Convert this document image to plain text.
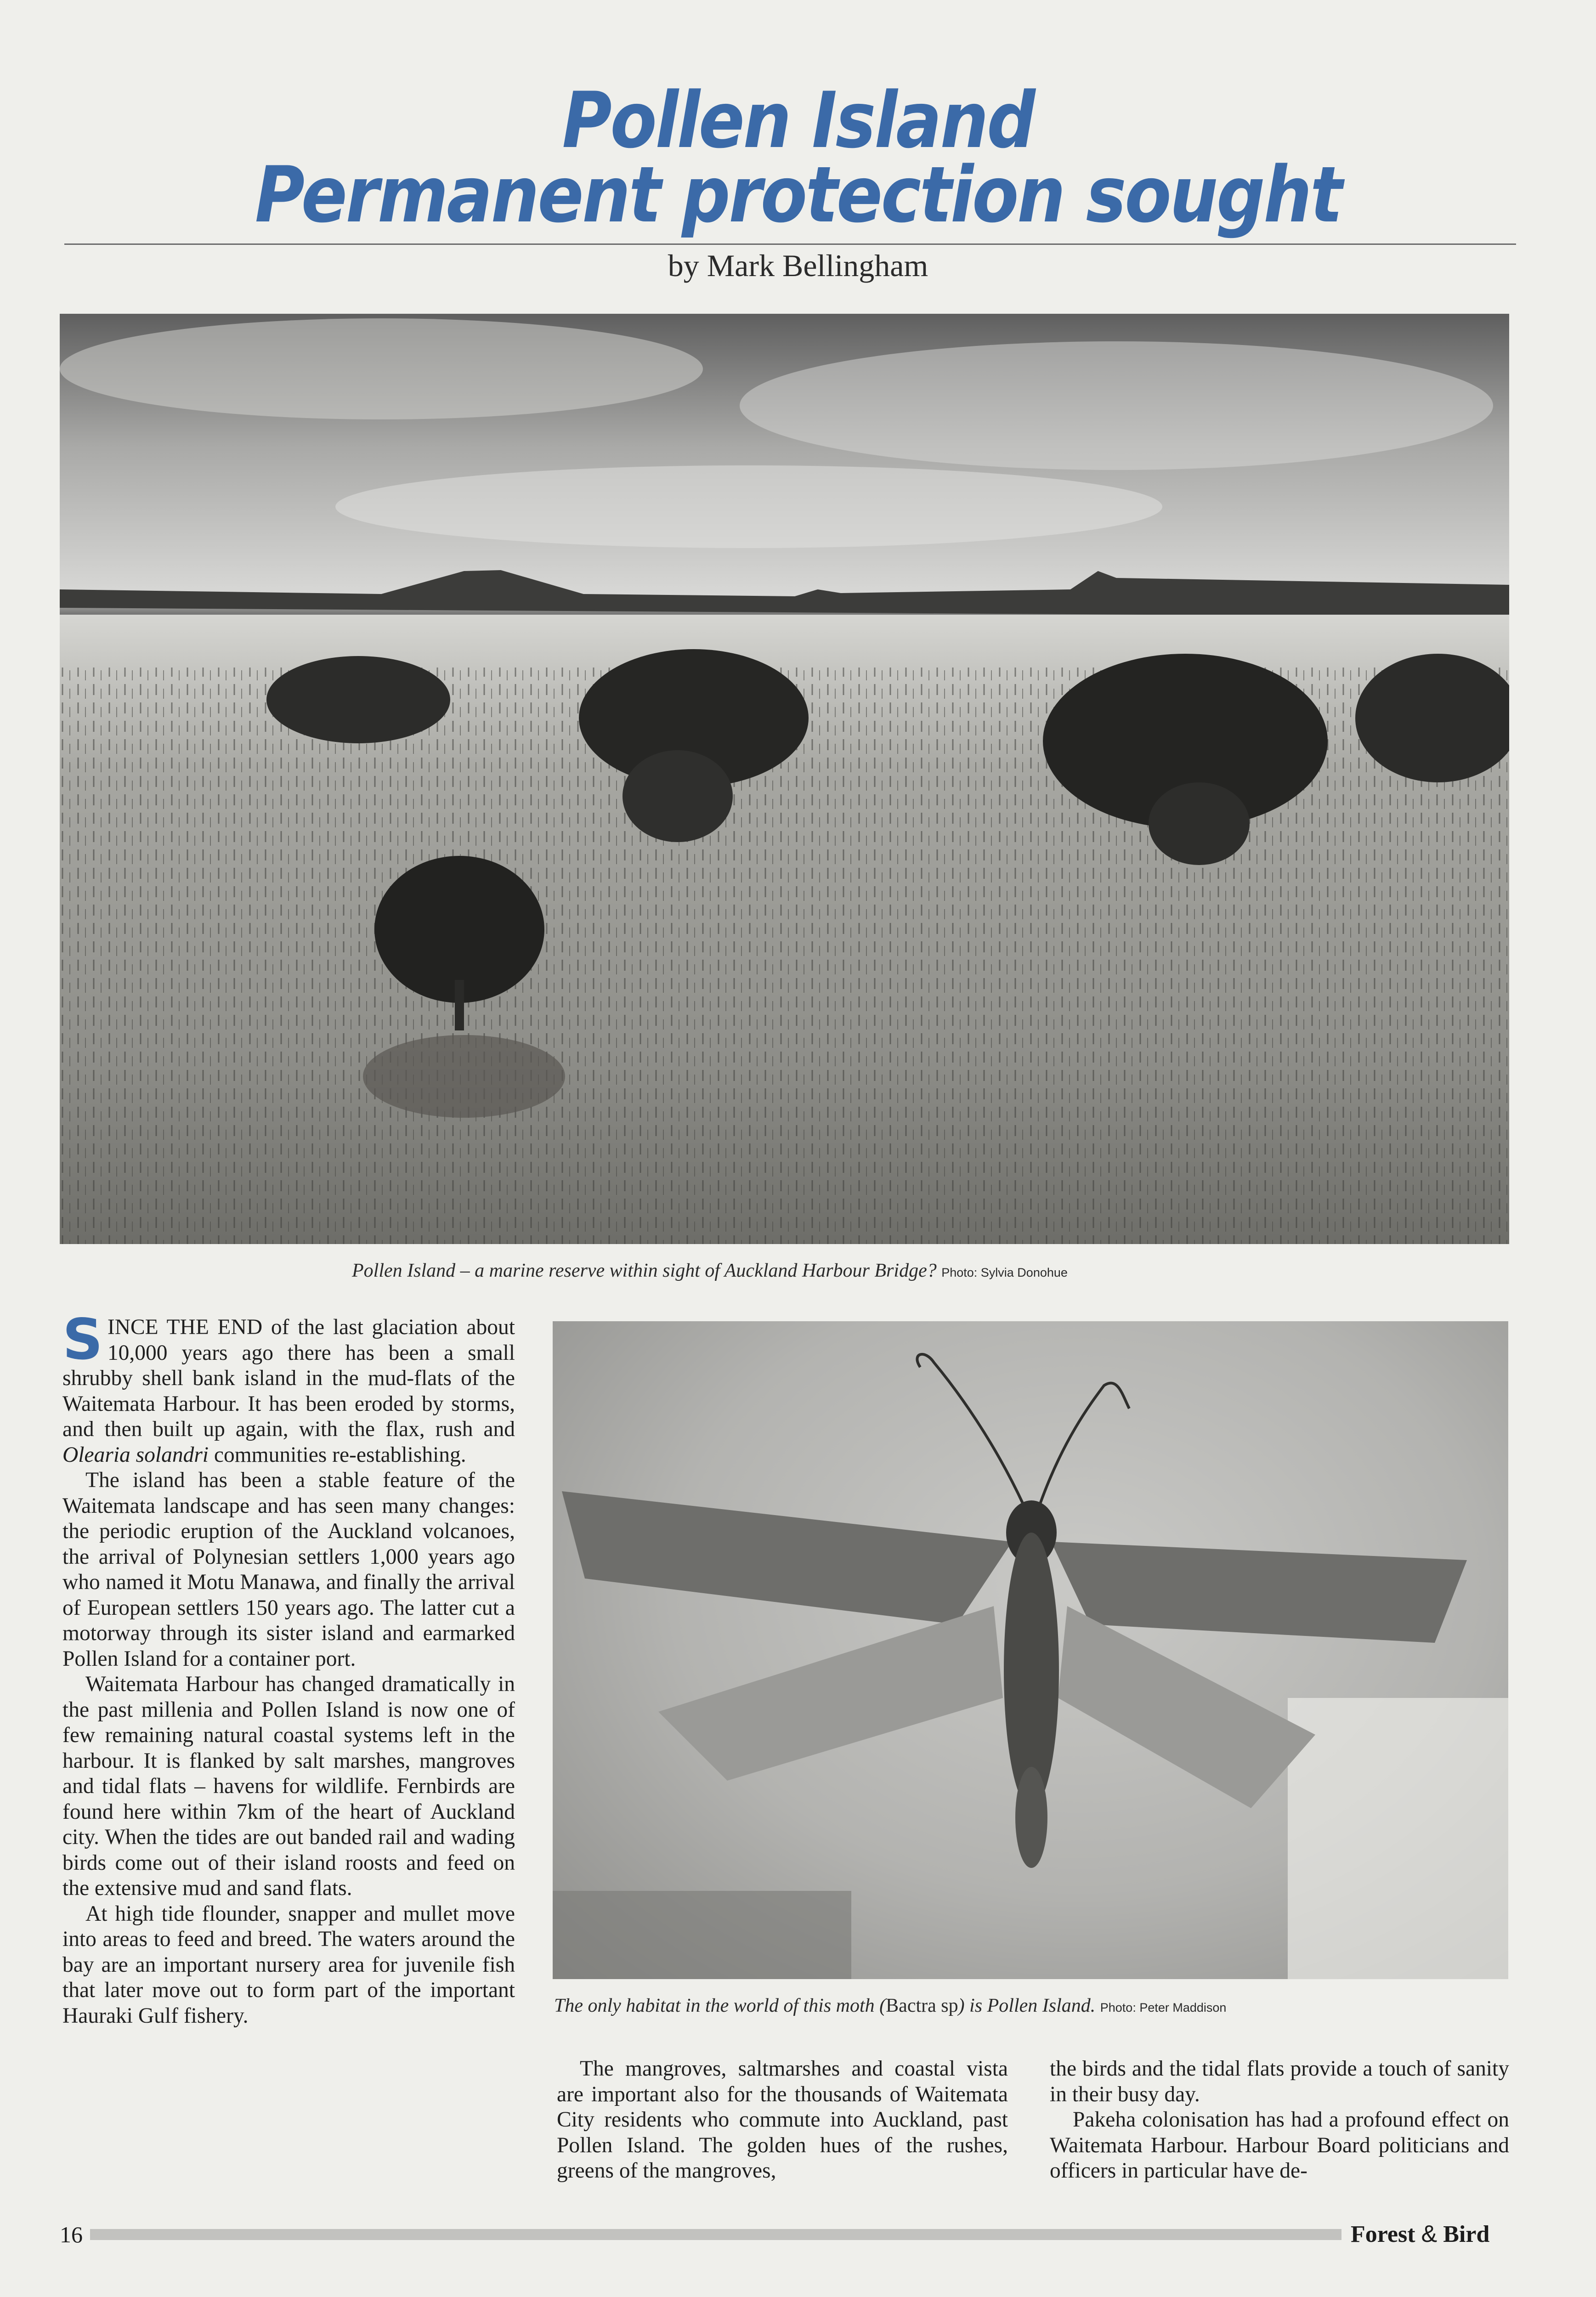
Pollen Island
Permanent protection sought
by Mark Bellingham
Pollen Island – a marine reserve within sight of Auckland Harbour Bridge? Photo: Sylvia Donohue
The only habitat in the world of this moth (Bactra sp) is Pollen Island. Photo: Peter Maddison

SINCE THE END of the last glaciation about 10,000 years ago there has been a small shrubby shell bank island in the mud-flats of the Waitemata Harbour. It has been eroded by storms, and then built up again, with the flax, rush and Olearia solandri communities re-establishing.

The island has been a stable feature of the Waitemata landscape and has seen many changes: the periodic eruption of the Auckland volcanoes, the arrival of Polynesian settlers 1,000 years ago who named it Motu Manawa, and finally the arrival of European settlers 150 years ago. The latter cut a motorway through its sister island and earmarked Pollen Island for a container port.

Waitemata Harbour has changed dramatically in the past millenia and Pollen Island is now one of few remaining natural coastal systems left in the harbour. It is flanked by salt marshes, mangroves and tidal flats – havens for wildlife. Fernbirds are found here within 7km of the heart of Auckland city. When the tides are out banded rail and wading birds come out of their island roosts and feed on the extensive mud and sand flats.

At high tide flounder, snapper and mullet move into areas to feed and breed. The waters around the bay are an important nursery area for juvenile fish that later move out to form part of the important Hauraki Gulf fishery.

The mangroves, saltmarshes and coastal vista are important also for the thousands of Waitemata City residents who commute into Auckland, past Pollen Island. The golden hues of the rushes, greens of the mangroves,

the birds and the tidal flats provide a touch of sanity in their busy day.

Pakeha colonisation has had a profound effect on Waitemata Harbour. Harbour Board politicians and officers in particular have de-

16	Forest & Bird
